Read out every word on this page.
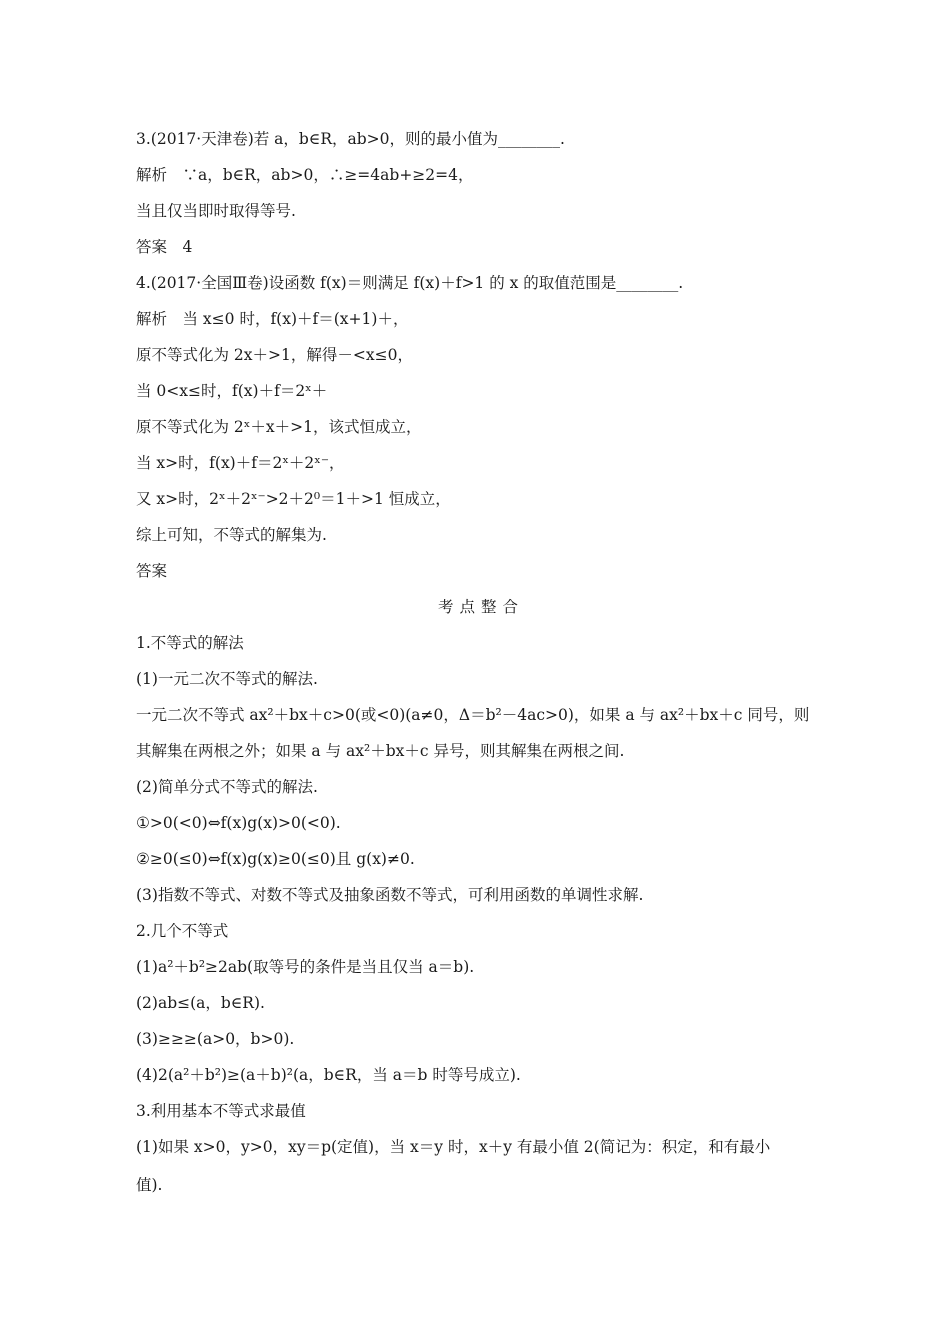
3.(2017·天津卷)若 a，b∈R，ab>0，则的最小值为________.
解析　∵a，b∈R，ab>0，∴≥=4ab+≥2=4，
当且仅当即时取得等号.
答案　4
4.(2017·全国Ⅲ卷)设函数 f(x)＝则满足 f(x)＋f>1 的 x 的取值范围是________.
解析　当 x≤0 时，f(x)＋f＝(x+1)＋，
原不等式化为 2x＋>1，解得－<x≤0，
当 0<x≤时，f(x)＋f＝2ˣ＋
原不等式化为 2ˣ＋x＋>1，该式恒成立，
当 x>时，f(x)＋f＝2ˣ＋2ˣ⁻，
又 x>时，2ˣ＋2ˣ⁻>2＋2⁰＝1＋>1 恒成立，
综上可知，不等式的解集为.
答案
考点整合
1.不等式的解法
(1)一元二次不等式的解法.
一元二次不等式 ax²＋bx＋c>0(或<0)(a≠0，Δ＝b²－4ac>0)，如果 a 与 ax²＋bx＋c 同号，则
其解集在两根之外；如果 a 与 ax²＋bx＋c 异号，则其解集在两根之间.
(2)简单分式不等式的解法.
①>0(<0)⇔f(x)g(x)>0(<0).
②≥0(≤0)⇔f(x)g(x)≥0(≤0)且 g(x)≠0.
(3)指数不等式、对数不等式及抽象函数不等式，可利用函数的单调性求解.
2.几个不等式
(1)a²＋b²≥2ab(取等号的条件是当且仅当 a＝b).
(2)ab≤(a，b∈R).
(3)≥≥≥(a>0，b>0).
(4)2(a²＋b²)≥(a＋b)²(a，b∈R，当 a＝b 时等号成立).
3.利用基本不等式求最值
(1)如果 x>0，y>0，xy＝p(定值)，当 x＝y 时，x＋y 有最小值 2(简记为：积定，和有最小
值).
